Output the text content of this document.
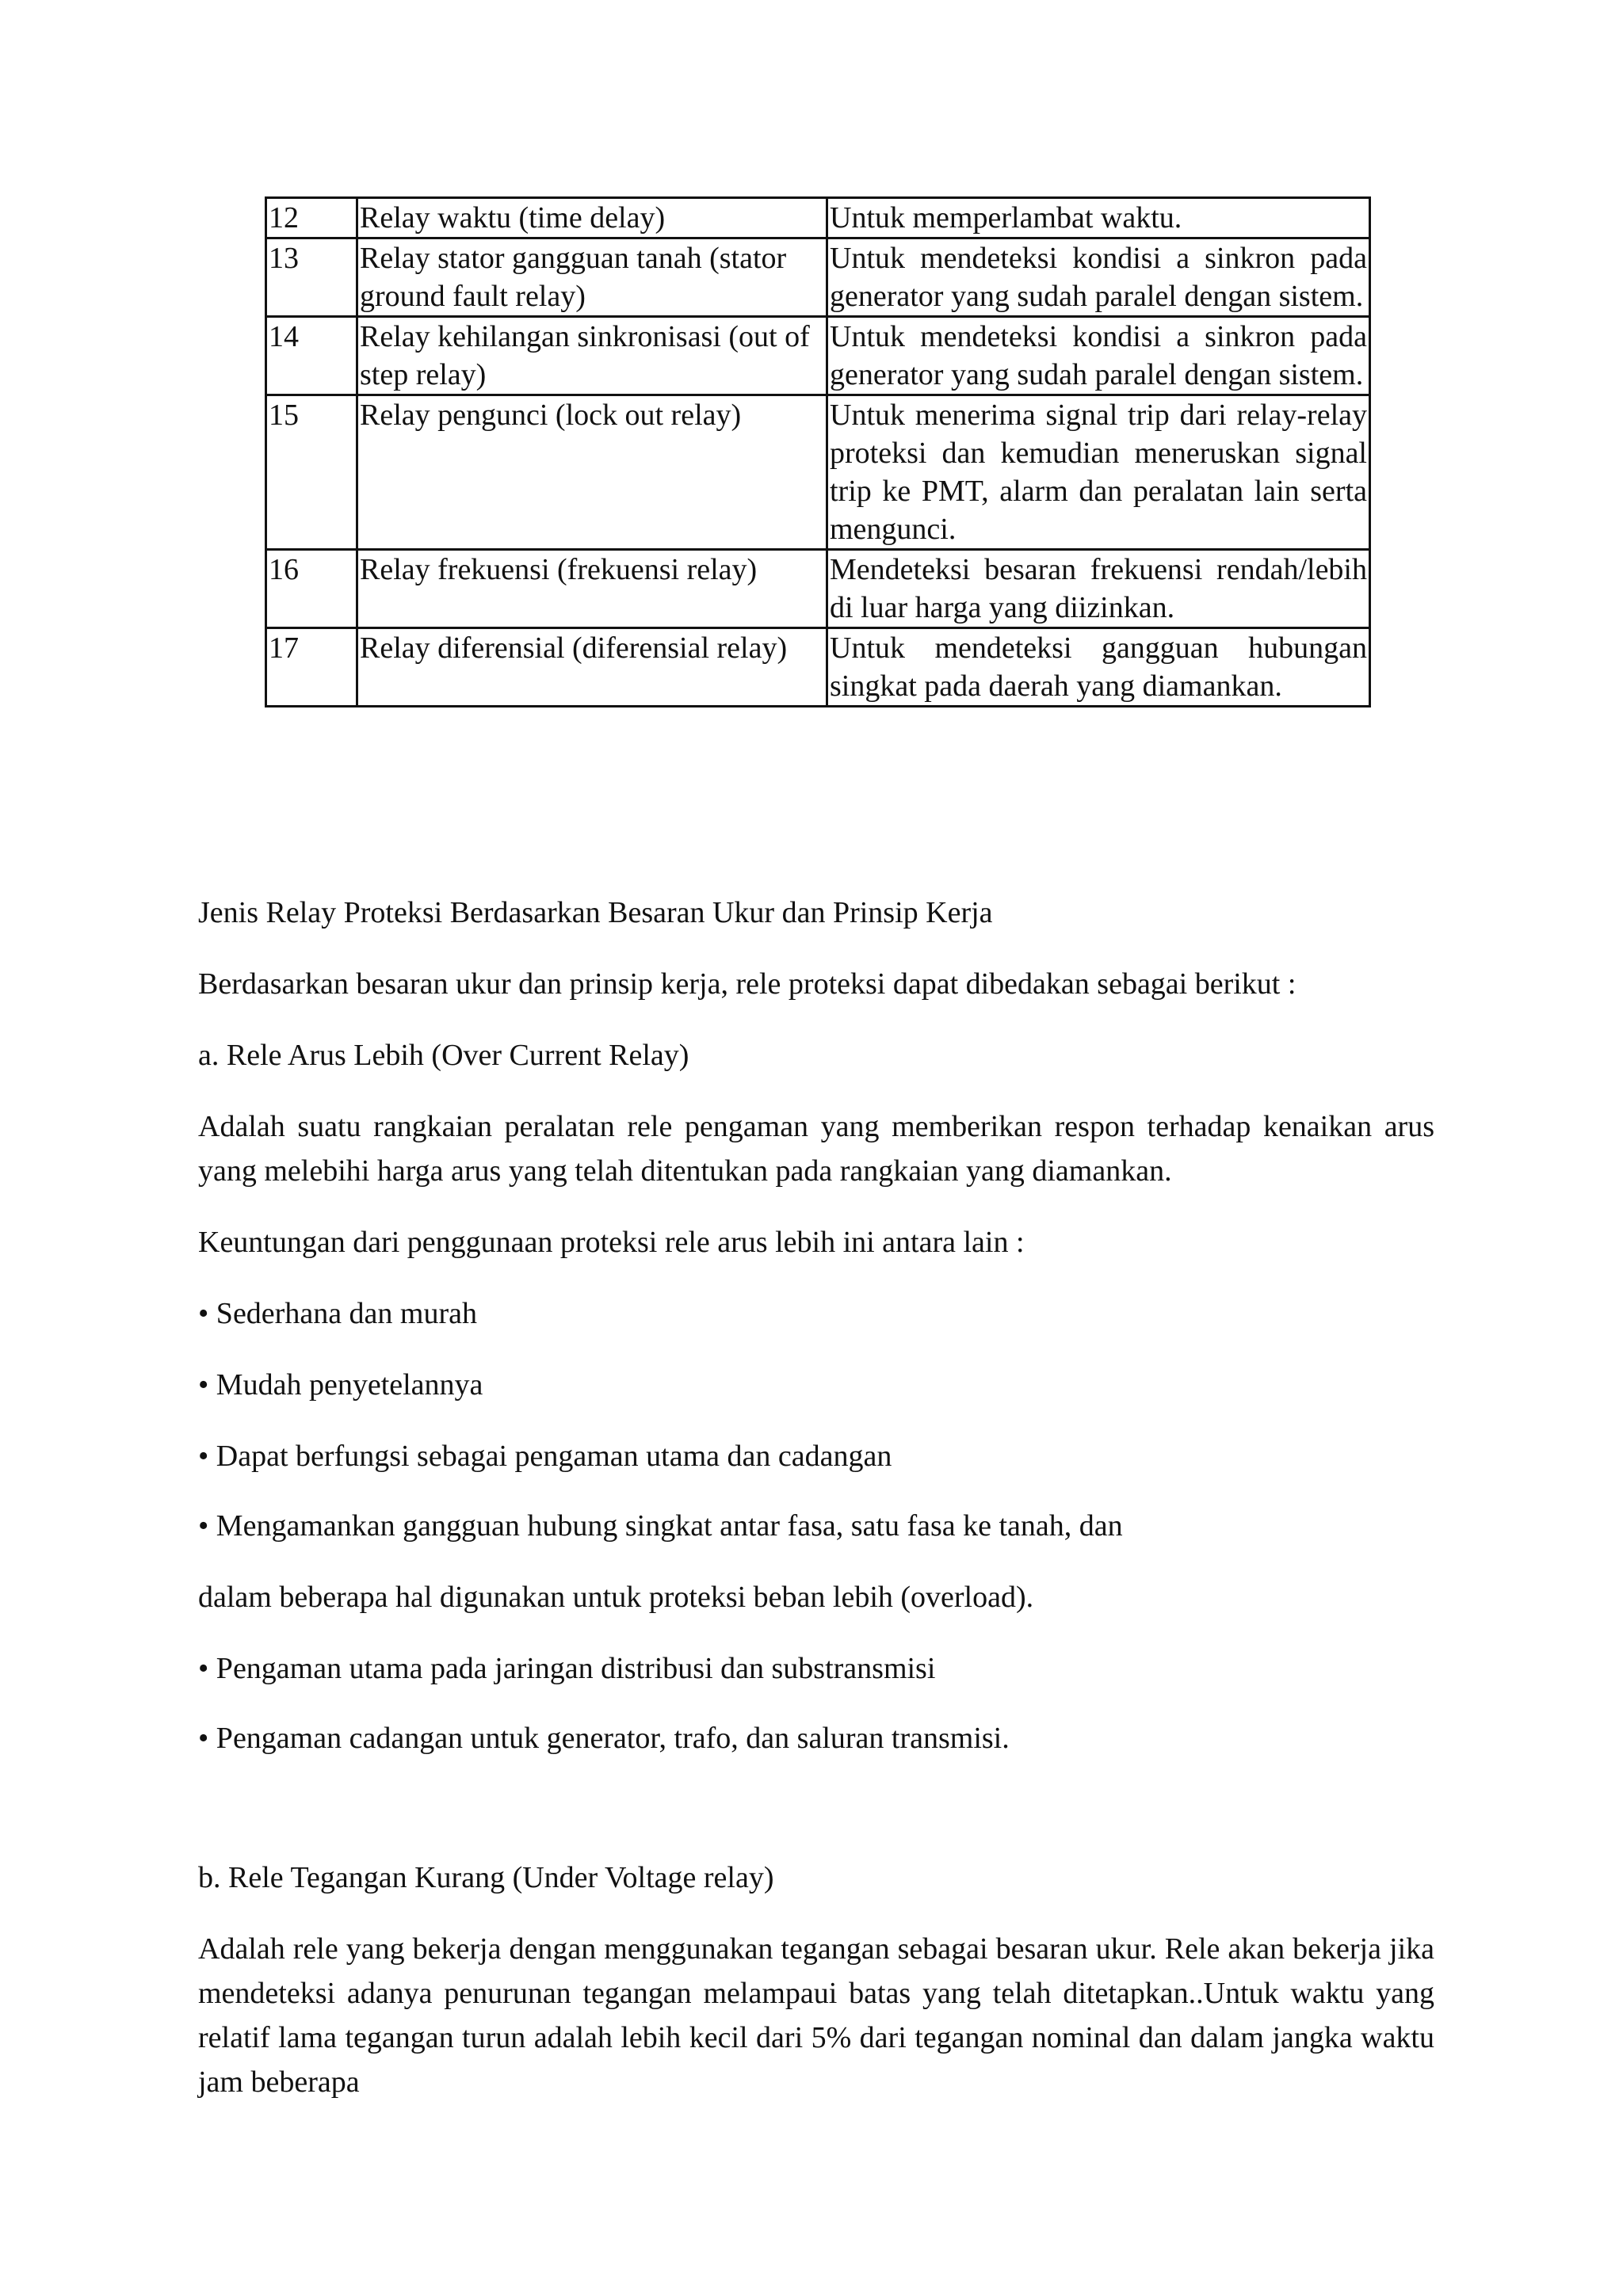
12	Relay waktu (time delay)	Untuk memperlambat waktu.
13	Relay stator gangguan tanah (stator ground fault relay)	Untuk mendeteksi kondisi a sinkron pada generator yang sudah paralel dengan sistem.
14	Relay kehilangan sinkronisasi (out of step relay)	Untuk mendeteksi kondisi a sinkron pada generator yang sudah paralel dengan sistem.
15	Relay pengunci (lock out relay)	Untuk menerima signal trip dari relay-relay proteksi dan kemudian meneruskan signal trip ke PMT, alarm dan peralatan lain serta mengunci.
16	Relay frekuensi (frekuensi relay)	Mendeteksi besaran frekuensi rendah/lebih di luar harga yang diizinkan.
17	Relay diferensial (diferensial relay)	Untuk mendeteksi gangguan hubungan singkat pada daerah yang diamankan.

Jenis Relay Proteksi Berdasarkan Besaran Ukur dan Prinsip Kerja

Berdasarkan besaran ukur dan prinsip kerja, rele proteksi dapat dibedakan sebagai berikut :

a. Rele Arus Lebih (Over Current Relay)

Adalah suatu rangkaian peralatan rele pengaman yang memberikan respon terhadap kenaikan arus yang melebihi harga arus yang telah ditentukan pada rangkaian yang diamankan.

Keuntungan dari penggunaan proteksi rele arus lebih ini antara lain :

• Sederhana dan murah

• Mudah penyetelannya

• Dapat berfungsi sebagai pengaman utama dan cadangan

• Mengamankan gangguan hubung singkat antar fasa, satu fasa ke tanah, dan

dalam beberapa hal digunakan untuk proteksi beban lebih (overload).

• Pengaman utama pada jaringan distribusi dan substransmisi

• Pengaman cadangan untuk generator, trafo, dan saluran transmisi.

b. Rele Tegangan Kurang (Under Voltage relay)

Adalah rele yang bekerja dengan menggunakan tegangan sebagai besaran ukur. Rele akan bekerja jika mendeteksi adanya penurunan tegangan melampaui batas yang telah ditetapkan..Untuk waktu yang relatif lama tegangan turun adalah lebih kecil dari 5% dari tegangan nominal dan dalam jangka waktu jam beberapa
